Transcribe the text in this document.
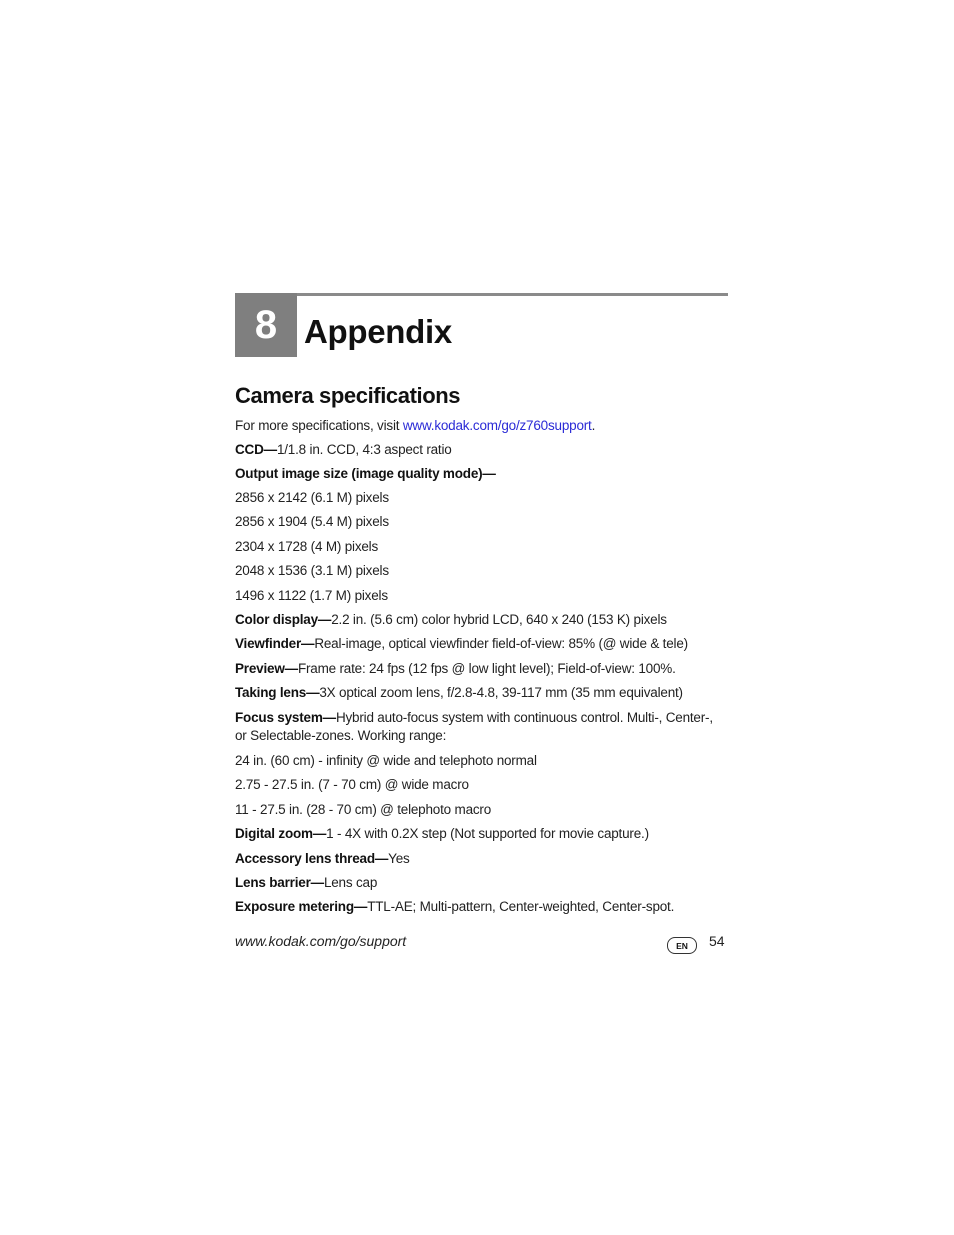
8 Appendix
Camera specifications
For more specifications, visit www.kodak.com/go/z760support.
CCD—1/1.8 in. CCD, 4:3 aspect ratio
Output image size (image quality mode)—
2856 x 2142 (6.1 M) pixels
2856 x 1904 (5.4 M) pixels
2304 x 1728 (4 M) pixels
2048 x 1536 (3.1 M) pixels
1496 x 1122 (1.7 M) pixels
Color display—2.2 in. (5.6 cm) color hybrid LCD, 640 x 240 (153 K) pixels
Viewfinder—Real-image, optical viewfinder field-of-view: 85% (@ wide & tele)
Preview—Frame rate: 24 fps (12 fps @ low light level); Field-of-view: 100%.
Taking lens—3X optical zoom lens, f/2.8-4.8, 39-117 mm (35 mm equivalent)
Focus system—Hybrid auto-focus system with continuous control. Multi-, Center-, or Selectable-zones. Working range:
24 in. (60 cm) - infinity @ wide and telephoto normal
2.75 - 27.5 in. (7 - 70 cm) @ wide macro
11 - 27.5 in. (28 - 70 cm) @ telephoto macro
Digital zoom—1 - 4X with 0.2X step (Not supported for movie capture.)
Accessory lens thread—Yes
Lens barrier—Lens cap
Exposure metering—TTL-AE; Multi-pattern, Center-weighted, Center-spot.
www.kodak.com/go/support	EN	54
